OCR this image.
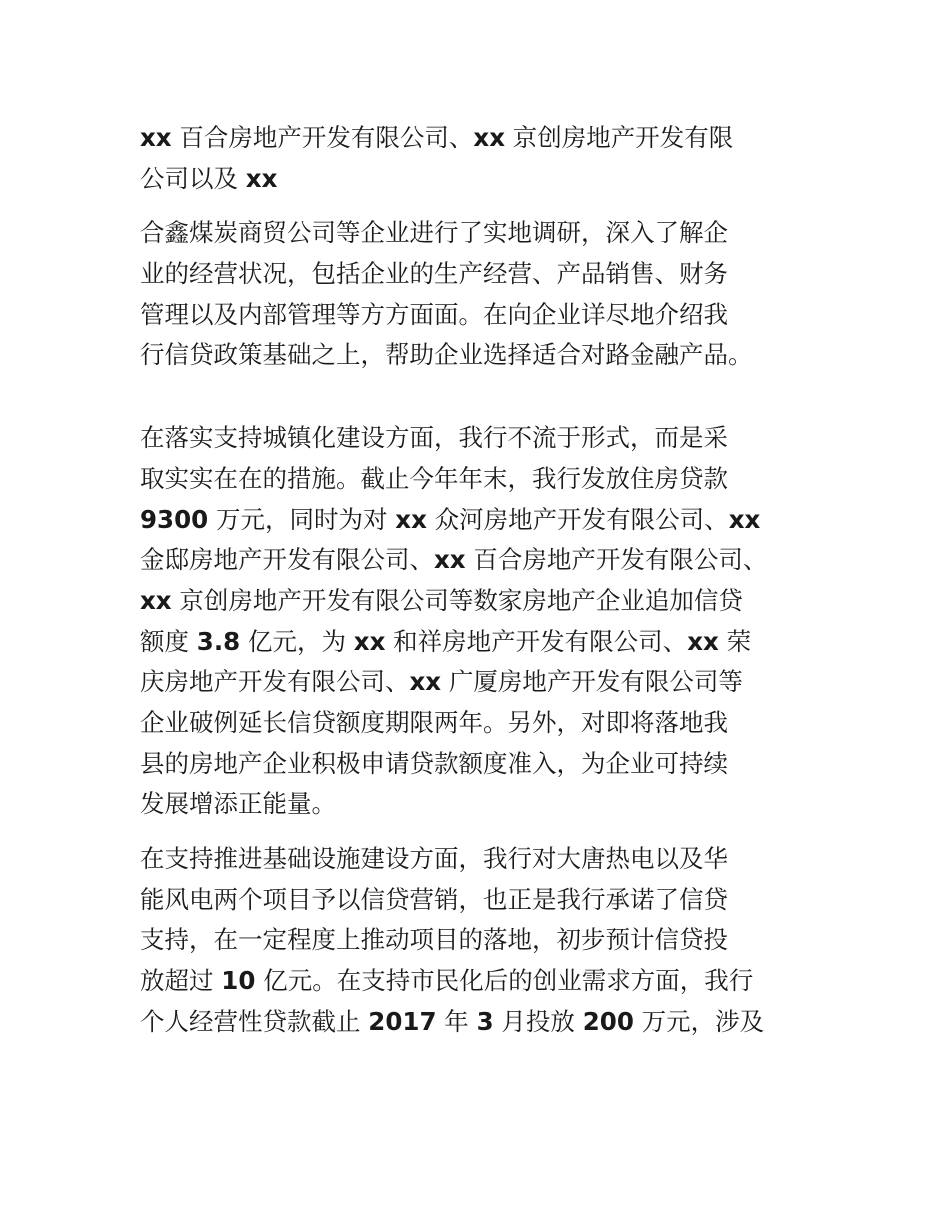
xx 百合房地产开发有限公司、xx 京创房地产开发有限
公司以及 xx
合鑫煤炭商贸公司等企业进行了实地调研，深入了解企
业的经营状况，包括企业的生产经营、产品销售、财务
管理以及内部管理等方方面面。在向企业详尽地介绍我
行信贷政策基础之上，帮助企业选择适合对路金融产品。
在落实支持城镇化建设方面，我行不流于形式，而是采
取实实在在的措施。截止今年年末，我行发放住房贷款
9300 万元，同时为对 xx 众河房地产开发有限公司、xx
金邸房地产开发有限公司、xx 百合房地产开发有限公司、
xx 京创房地产开发有限公司等数家房地产企业追加信贷
额度 3.8 亿元，为 xx 和祥房地产开发有限公司、xx 荣
庆房地产开发有限公司、xx 广厦房地产开发有限公司等
企业破例延长信贷额度期限两年。另外，对即将落地我
县的房地产企业积极申请贷款额度准入，为企业可持续
发展增添正能量。
在支持推进基础设施建设方面，我行对大唐热电以及华
能风电两个项目予以信贷营销，也正是我行承诺了信贷
支持，在一定程度上推动项目的落地，初步预计信贷投
放超过 10 亿元。在支持市民化后的创业需求方面，我行
个人经营性贷款截止 2017 年 3 月投放 200 万元，涉及
